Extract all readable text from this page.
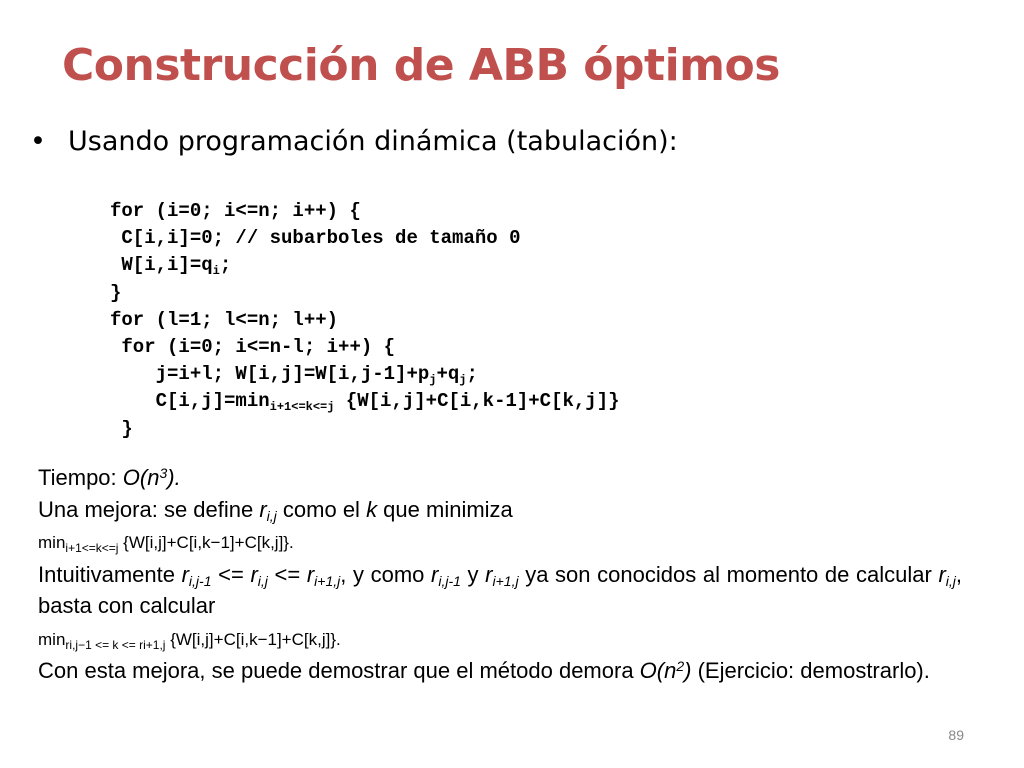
Construcción de ABB óptimos
• Usando programación dinámica (tabulación):
for (i=0; i<=n; i++) {
C[i,i]=0; // subarboles de tamaño 0
$W[i,i]=q_i$;
}
for (l=1; l<=n; l++)
for (i=0; i<=n-l; i++) {
j=i+l; $W[i,j]=W[i,j-1]+p_j+q_j$;
$C[i,j]=\min_{i+1<=k<=j}$ {W[i,j]+C[i,k-1]+C[k,j]}
}
Tiempo: $O(n^3)$.
Una mejora: se define $r_{i,j}$ como el k que minimiza
$\min_{i+1<=k<=j} \{W[i,j]+C[i,k-1]+C[k,j]\}$.
Intuitivamente $r_{i,j-1} <= r_{i,j} <= r_{i+1,j}$, y como $r_{i,j-1}$ y $r_{i+1,j}$ ya son conocidos al momento de calcular $r_{i,j}$, basta con calcular
$\min_{ri,j-1 <= k <= ri+1,j} \{W[i,j]+C[i,k-1]+C[k,j]\}$.
Con esta mejora, se puede demostrar que el método demora $O(n^2)$ (Ejercicio: demostrarlo).
89
